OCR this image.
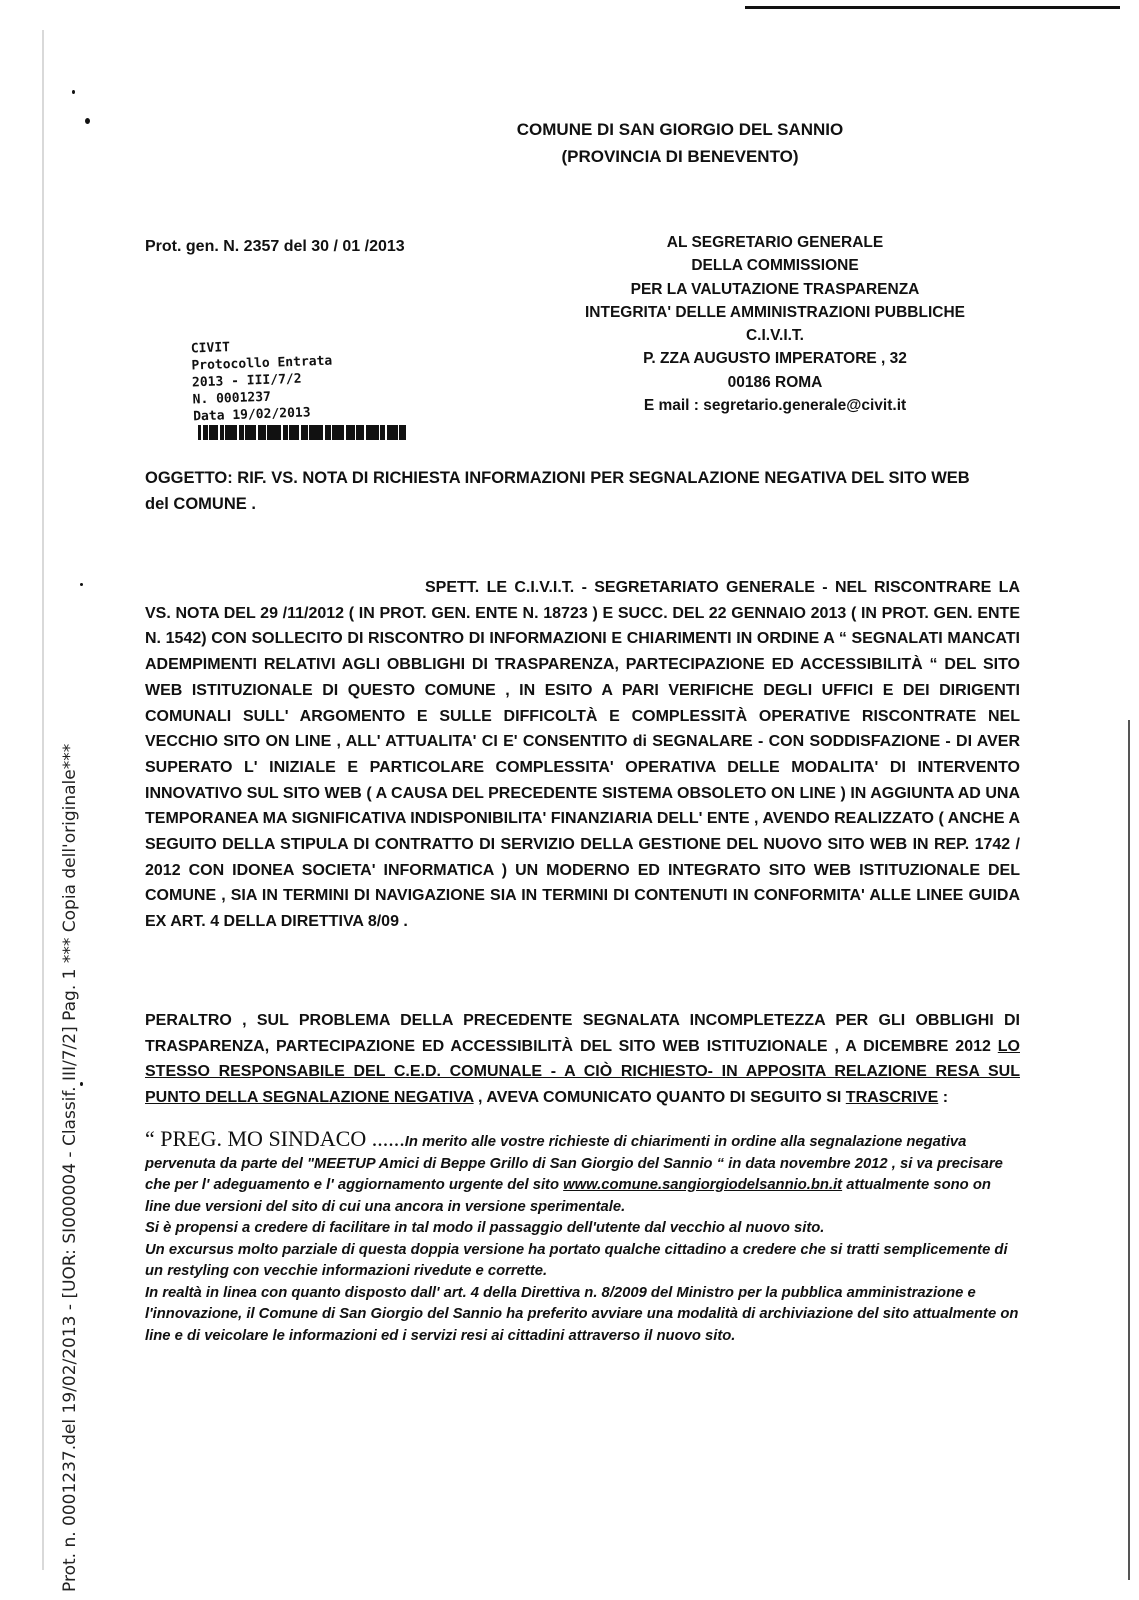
Prot. n. 0001237.del 19/02/2013 - [UOR: SI000004 - Classif. III/7/2] Pag. 1 *** Copia dell'originale***
COMUNE DI SAN GIORGIO DEL SANNIO
(PROVINCIA DI BENEVENTO)
Prot. gen. N. 2357 del 30 / 01 /2013	AL SEGRETARIO GENERALE
DELLA COMMISSIONE
PER LA VALUTAZIONE TRASPARENZA
INTEGRITA' DELLE AMMINISTRAZIONI PUBBLICHE
C.I.V.I.T.
P. ZZA AUGUSTO IMPERATORE , 32
00186 ROMA
E mail : segretario.generale@civit.it
CIVIT
Protocollo Entrata
2013 - III/7/2
N. 0001237
Data 19/02/2013
OGGETTO: RIF. VS. NOTA DI RICHIESTA INFORMAZIONI PER SEGNALAZIONE NEGATIVA DEL SITO WEB del COMUNE .
SPETT. LE C.I.V.I.T. - SEGRETARIATO GENERALE - NEL RISCONTRARE LA VS. NOTA DEL 29 /11/2012 ( IN PROT. GEN. ENTE N. 18723 ) E SUCC. DEL 22 GENNAIO 2013 ( IN PROT. GEN. ENTE N. 1542) CON SOLLECITO DI RISCONTRO DI INFORMAZIONI E CHIARIMENTI IN ORDINE A “ SEGNALATI MANCATI ADEMPIMENTI RELATIVI AGLI OBBLIGHI DI TRASPARENZA, PARTECIPAZIONE ED ACCESSIBILITÀ “ DEL SITO WEB ISTITUZIONALE DI QUESTO COMUNE , IN ESITO A PARI VERIFICHE DEGLI UFFICI E DEI DIRIGENTI COMUNALI SULL' ARGOMENTO E SULLE DIFFICOLTÀ E COMPLESSITÀ OPERATIVE RISCONTRATE NEL VECCHIO SITO ON LINE , ALL' ATTUALITA' CI E' CONSENTITO di SEGNALARE - CON SODDISFAZIONE - DI AVER SUPERATO L' INIZIALE E PARTICOLARE COMPLESSITA' OPERATIVA DELLE MODALITA' DI INTERVENTO INNOVATIVO SUL SITO WEB ( A CAUSA DEL PRECEDENTE SISTEMA OBSOLETO ON LINE ) IN AGGIUNTA AD UNA TEMPORANEA MA SIGNIFICATIVA INDISPONIBILITA' FINANZIARIA DELL' ENTE , AVENDO REALIZZATO ( ANCHE A SEGUITO DELLA STIPULA DI CONTRATTO DI SERVIZIO DELLA GESTIONE DEL NUOVO SITO WEB IN REP. 1742 / 2012 CON IDONEA SOCIETA' INFORMATICA ) UN MODERNO ED INTEGRATO SITO WEB ISTITUZIONALE DEL COMUNE , SIA IN TERMINI DI NAVIGAZIONE SIA IN TERMINI DI CONTENUTI IN CONFORMITA' ALLE LINEE GUIDA EX ART. 4 DELLA DIRETTIVA 8/09 .
PERALTRO , SUL PROBLEMA DELLA PRECEDENTE SEGNALATA INCOMPLETEZZA PER GLI OBBLIGHI DI TRASPARENZA, PARTECIPAZIONE ED ACCESSIBILITÀ DEL SITO WEB ISTITUZIONALE , A DICEMBRE 2012 LO STESSO RESPONSABILE DEL C.E.D. COMUNALE - A CIÒ RICHIESTO- IN APPOSITA RELAZIONE RESA SUL PUNTO DELLA SEGNALAZIONE NEGATIVA , AVEVA COMUNICATO QUANTO DI SEGUITO SI TRASCRIVE :
“ PREG. MO SINDACO ......In merito alle vostre richieste di chiarimenti in ordine alla segnalazione negativa pervenuta da parte del "MEETUP Amici di Beppe Grillo di San Giorgio del Sannio “ in data novembre 2012 , si va precisare che per l' adeguamento e l' aggiornamento urgente del sito www.comune.sangiorgiodelsannio.bn.it attualmente sono on line due versioni del sito di cui una ancora in versione sperimentale.
Si è propensi a credere di facilitare in tal modo il passaggio dell'utente dal vecchio al nuovo sito.
Un excursus molto parziale di questa doppia versione ha portato qualche cittadino a credere che si tratti semplicemente di un restyling con vecchie informazioni rivedute e corrette.
In realtà in linea con quanto disposto dall' art. 4 della Direttiva n. 8/2009 del Ministro per la pubblica amministrazione e l'innovazione, il Comune di San Giorgio del Sannio ha preferito avviare una modalità di archiviazione del sito attualmente on line e di veicolare le informazioni ed i servizi resi ai cittadini attraverso il nuovo sito.
